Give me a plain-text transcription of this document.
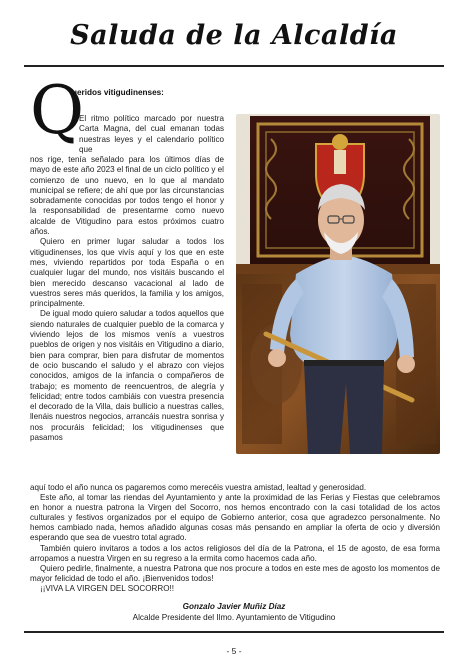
Saluda de la Alcaldía
Q
ueridos vitigudinenses:

El ritmo político marcado por nuestra Carta Magna, del cual emanan todas nuestras leyes y el calendario político que

nos rige, tenía señalado para los últimos días de mayo de este año 2023 el final de un ciclo político y el comienzo de uno nuevo, en lo que al mandato municipal se refiere; de ahí que por las circunstancias sobradamente conocidas por todos tengo el honor y la responsabilidad de presentarme como nuevo alcalde de Vitigudino para estos próximos cuatro años.

Quiero en primer lugar saludar a todos los vitigudinenses, los que vivís aquí y los que en este mes, viviendo repartidos por toda España o en cualquier lugar del mundo, nos visitáis buscando el bien merecido descanso vacacional al lado de vuestros seres más queridos, la familia y los amigos, principalmente.

De igual modo quiero saludar a todos aquellos que siendo naturales de cualquier pueblo de la comarca y viviendo lejos de los mismos venís a vuestros pueblos de origen y nos visitáis en Vitigudino a diario, bien para comprar, bien para disfrutar de momentos de ocio buscando el saludo y el abrazo con viejos conocidos, amigos de la infancia o compañeros de trabajo; es momento de reencuentros, de alegría y felicidad; entre todos cambiáis con vuestra presencia el decorado de la Villa, dais bullicio a nuestras calles, llenáis nuestros negocios, arrancáis nuestra sonrisa y nos procuráis felicidad; los vitigudinenses que pasamos

aquí todo el año nunca os pagaremos como merecéis vuestra amistad, lealtad y generosidad.

Este año, al tomar las riendas del Ayuntamiento y ante la proximidad de las Ferias y Fiestas que celebramos en honor a nuestra patrona la Virgen del Socorro, nos hemos encontrado con la casi totalidad de los actos culturales y festivos organizados por el equipo de Gobierno anterior, cosa que agradezco personalmente. No hemos cambiado nada, hemos añadido algunas cosas más pensando en ampliar la oferta de ocio y diversión esperando que sea de vuestro total agrado.

También quiero invitaros a todos a los actos religiosos del día de la Patrona, el 15 de agosto, de esa forma arropamos a nuestra Virgen en su regreso a la ermita como hacemos cada año.

Quiero pedirle, finalmente, a nuestra Patrona que nos procure a todos en este mes de agosto los momentos de mayor felicidad de todo el año. ¡Bienvenidos todos!

¡¡VIVA LA VIRGEN DEL SOCORRO!!

Gonzalo Javier Muñiz Díaz
Alcalde Presidente del Ilmo. Ayuntamiento de Vitigudino
- 5 -
